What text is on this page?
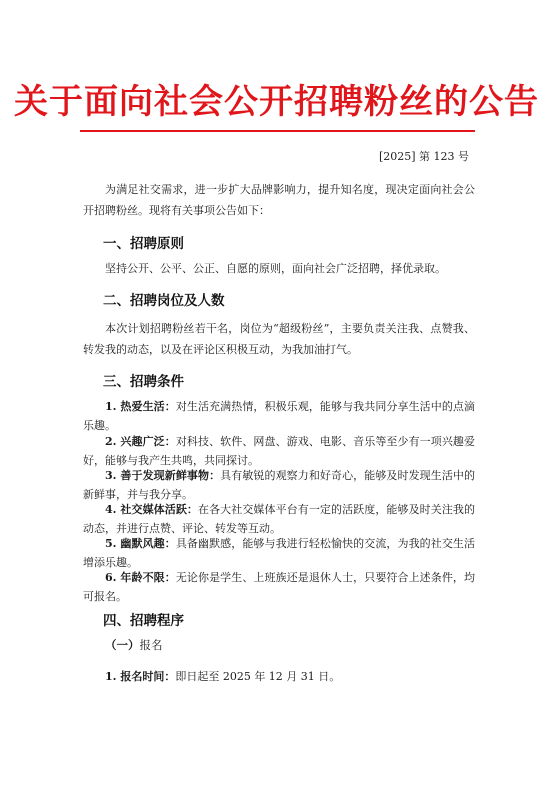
关于面向社会公开招聘粉丝的公告
[2025] 第 123 号
为满足社交需求，进一步扩大品牌影响力，提升知名度，现决定面向社会公开招聘粉丝。现将有关事项公告如下：
一、招聘原则
坚持公开、公平、公正、自愿的原则，面向社会广泛招聘，择优录取。
二、招聘岗位及人数
本次计划招聘粉丝若干名，岗位为“超级粉丝”，主要负责关注我、点赞我、转发我的动态，以及在评论区积极互动，为我加油打气。
三、招聘条件
1. 热爱生活：对生活充满热情，积极乐观，能够与我共同分享生活中的点滴乐趣。
2. 兴趣广泛：对科技、软件、网盘、游戏、电影、音乐等至少有一项兴趣爱好，能够与我产生共鸣，共同探讨。
3. 善于发现新鲜事物：具有敏锐的观察力和好奇心，能够及时发现生活中的新鲜事，并与我分享。
4. 社交媒体活跃：在各大社交媒体平台有一定的活跃度，能够及时关注我的动态，并进行点赞、评论、转发等互动。
5. 幽默风趣：具备幽默感，能够与我进行轻松愉快的交流，为我的社交生活增添乐趣。
6. 年龄不限：无论你是学生、上班族还是退休人士，只要符合上述条件，均可报名。
四、招聘程序
（一）报名
1. 报名时间：即日起至 2025 年 12 月 31 日。
